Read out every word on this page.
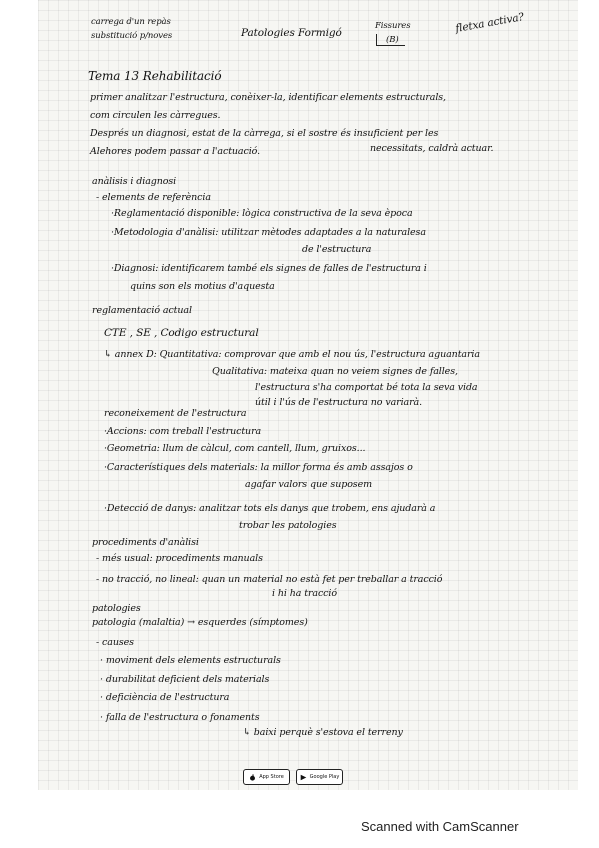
carrega d'un repàs
substitució p/noves	Patologies Formigó
Fissures
(B)
fletxa activa?
Tema 13 Rehabilitació
primer analitzar l'estructura, conèixer-la, identificar elements estructurals,
com circulen les càrregues.
Després un diagnosi, estat de la càrrega, si el sostre és insuficient per les
Alehores podem passar a l'actuació.	necessitats, caldrà actuar.
anàlisis i diagnosi
- elements de referència
·Reglamentació disponible: lògica constructiva de la seva època
·Metodologia d'anàlisi: utilitzar mètodes adaptades a la naturalesa
de l'estructura
·Diagnosi: identificarem també els signes de falles de l'estructura i
quins son els motius d'aquesta
reglamentació actual
CTE , SE , Codigo estructural
↳ annex D: Quantitativa: comprovar que amb el nou ús, l'estructura aguantaria
Qualitativa: mateixa quan no veiem signes de falles,
l'estructura s'ha comportat bé tota la seva vida
útil i l'ús de l'estructura no variarà.
reconeixement de l'estructura
·Accions: com treball l'estructura
·Geometria: llum de càlcul, com cantell, llum, gruixos...
·Característiques dels materials: la millor forma és amb assajos o
agafar valors que suposem
·Detecció de danys: analitzar tots els danys que trobem, ens ajudarà a
trobar les patologies
procediments d'anàlisi
- més usual: procediments manuals
- no tracció, no lineal: quan un material no està fet per treballar a tracció
i hi ha tracció
patologies
patologia (malaltia) → esquerdes (símptomes)
- causes
· moviment dels elements estructurals
· durabilitat deficient dels materials
· deficiència de l'estructura
· falla de l'estructura o fonaments
↳ baixi perquè s'estova el terreny
App Store	Google Play
Scanned with CamScanner
